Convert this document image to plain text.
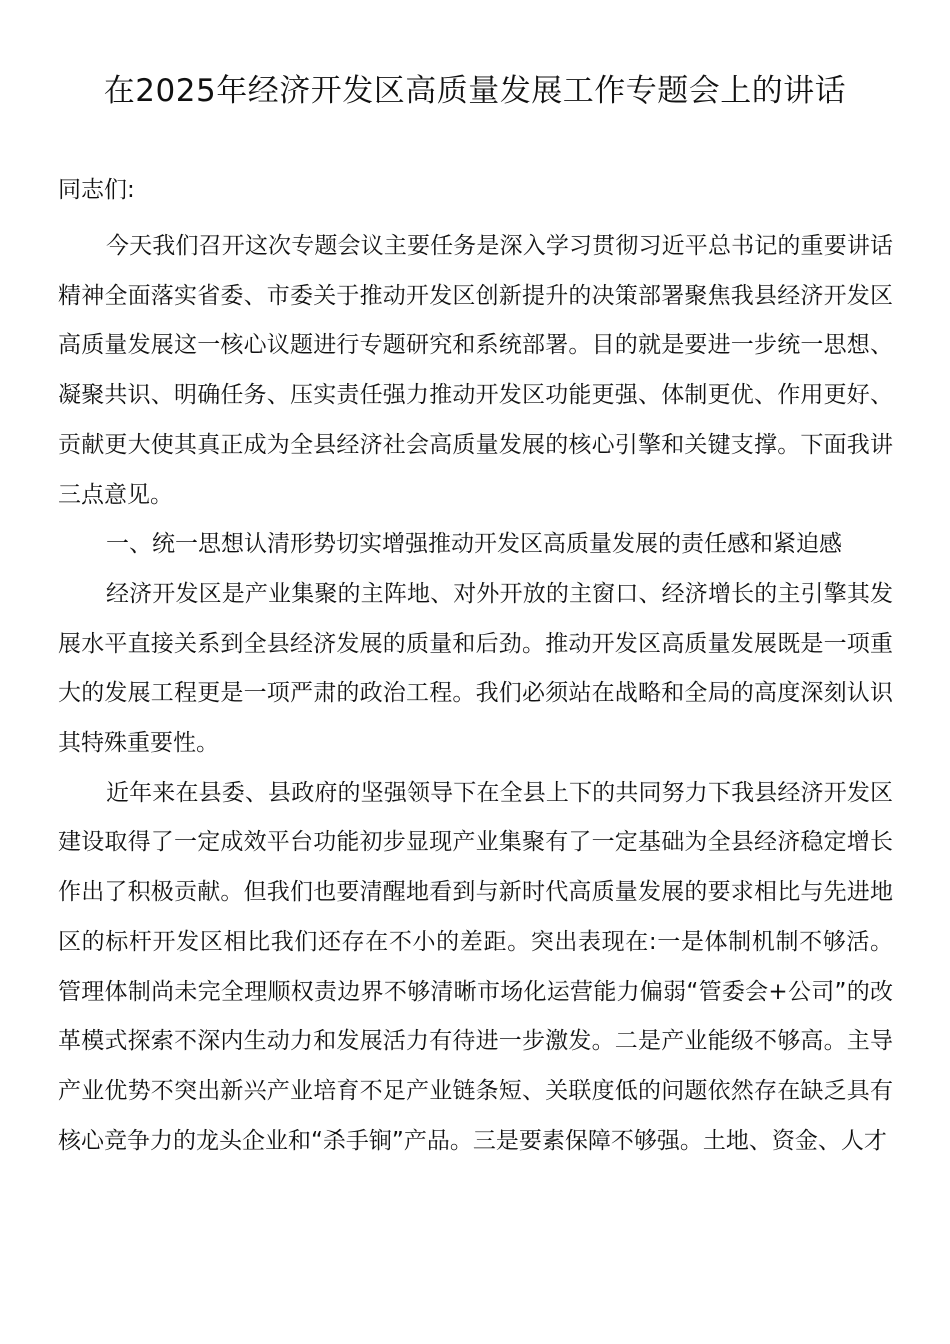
在2025年经济开发区高质量发展工作专题会上的讲话

同志们:

今天我们召开这次专题会议主要任务是深入学习贯彻习近平总书记的重要讲话精神全面落实省委、市委关于推动开发区创新提升的决策部署聚焦我县经济开发区高质量发展这一核心议题进行专题研究和系统部署。目的就是要进一步统一思想、凝聚共识、明确任务、压实责任强力推动开发区功能更强、体制更优、作用更好、贡献更大使其真正成为全县经济社会高质量发展的核心引擎和关键支撑。下面我讲三点意见。

一、统一思想认清形势切实增强推动开发区高质量发展的责任感和紧迫感

经济开发区是产业集聚的主阵地、对外开放的主窗口、经济增长的主引擎其发展水平直接关系到全县经济发展的质量和后劲。推动开发区高质量发展既是一项重大的发展工程更是一项严肃的政治工程。我们必须站在战略和全局的高度深刻认识其特殊重要性。

近年来在县委、县政府的坚强领导下在全县上下的共同努力下我县经济开发区建设取得了一定成效平台功能初步显现产业集聚有了一定基础为全县经济稳定增长作出了积极贡献。但我们也要清醒地看到与新时代高质量发展的要求相比与先进地区的标杆开发区相比我们还存在不小的差距。突出表现在:一是体制机制不够活。管理体制尚未完全理顺权责边界不够清晰市场化运营能力偏弱“管委会+公司”的改革模式探索不深内生动力和发展活力有待进一步激发。二是产业能级不够高。主导产业优势不突出新兴产业培育不足产业链条短、关联度低的问题依然存在缺乏具有核心竞争力的龙头企业和“杀手锏”产品。三是要素保障不够强。土地、资金、人才
